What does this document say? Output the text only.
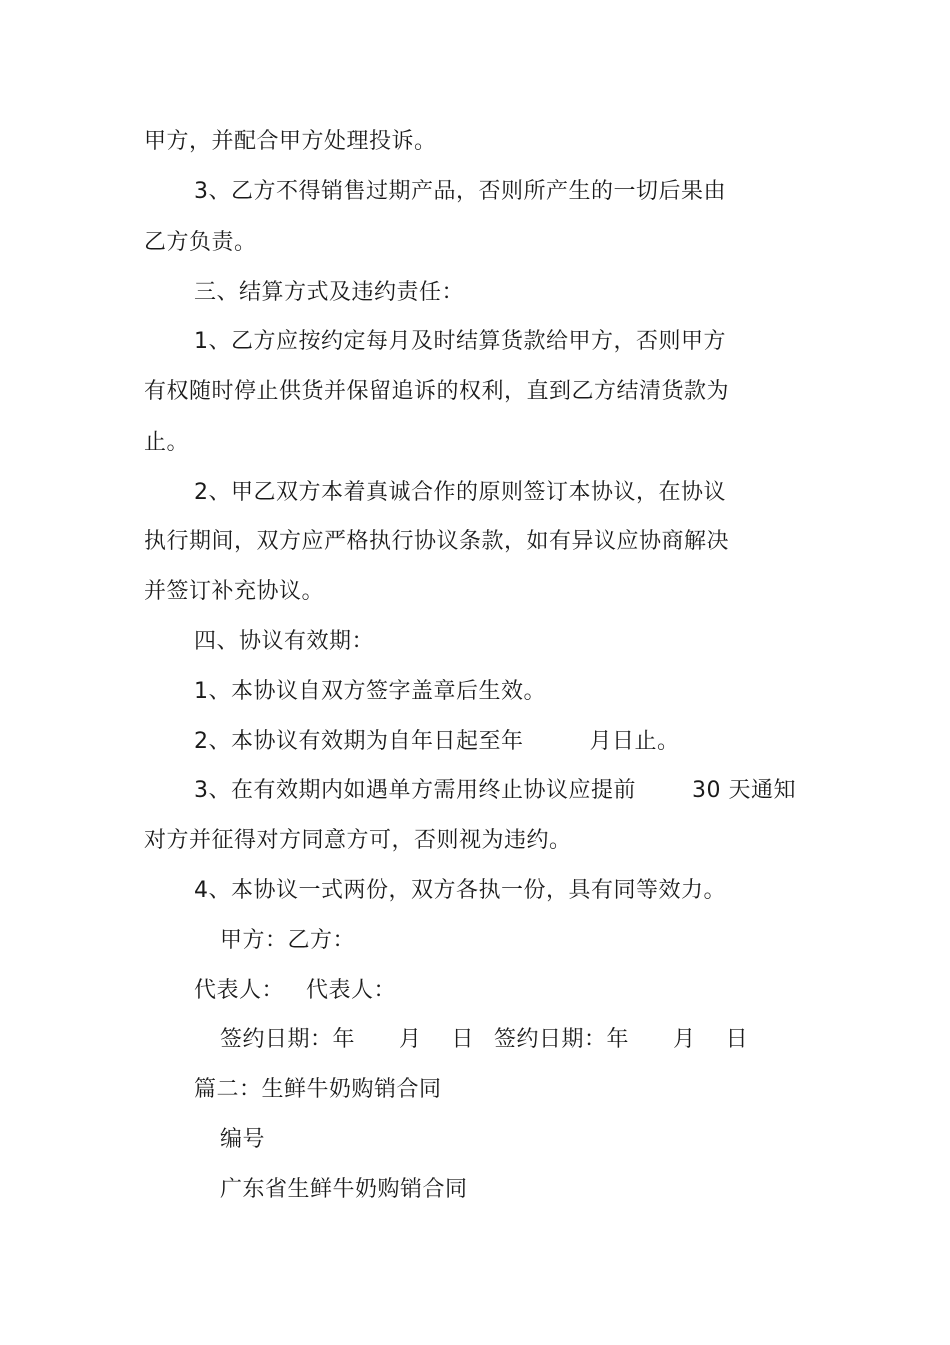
甲方，并配合甲方处理投诉。
3、乙方不得销售过期产品，否则所产生的一切后果由
乙方负责。
三、结算方式及违约责任：
1、乙方应按约定每月及时结算货款给甲方，否则甲方
有权随时停止供货并保留追诉的权利，直到乙方结清货款为
止。
2、甲乙双方本着真诚合作的原则签订本协议，在协议
执行期间，双方应严格执行协议条款，如有异议应协商解决
并签订补充协议。
四、协议有效期：
1、本协议自双方签字盖章后生效。
2、本协议有效期为自年日起至年	月日止。
3、在有效期内如遇单方需用终止协议应提前	30 天通知
对方并征得对方同意方可，否则视为违约。
4、本协议一式两份，双方各执一份，具有同等效力。
甲方：乙方：
代表人： 代表人：
签约日期：年 月 日 签约日期：年 月 日
篇二：生鲜牛奶购销合同
编号
广东省生鲜牛奶购销合同
